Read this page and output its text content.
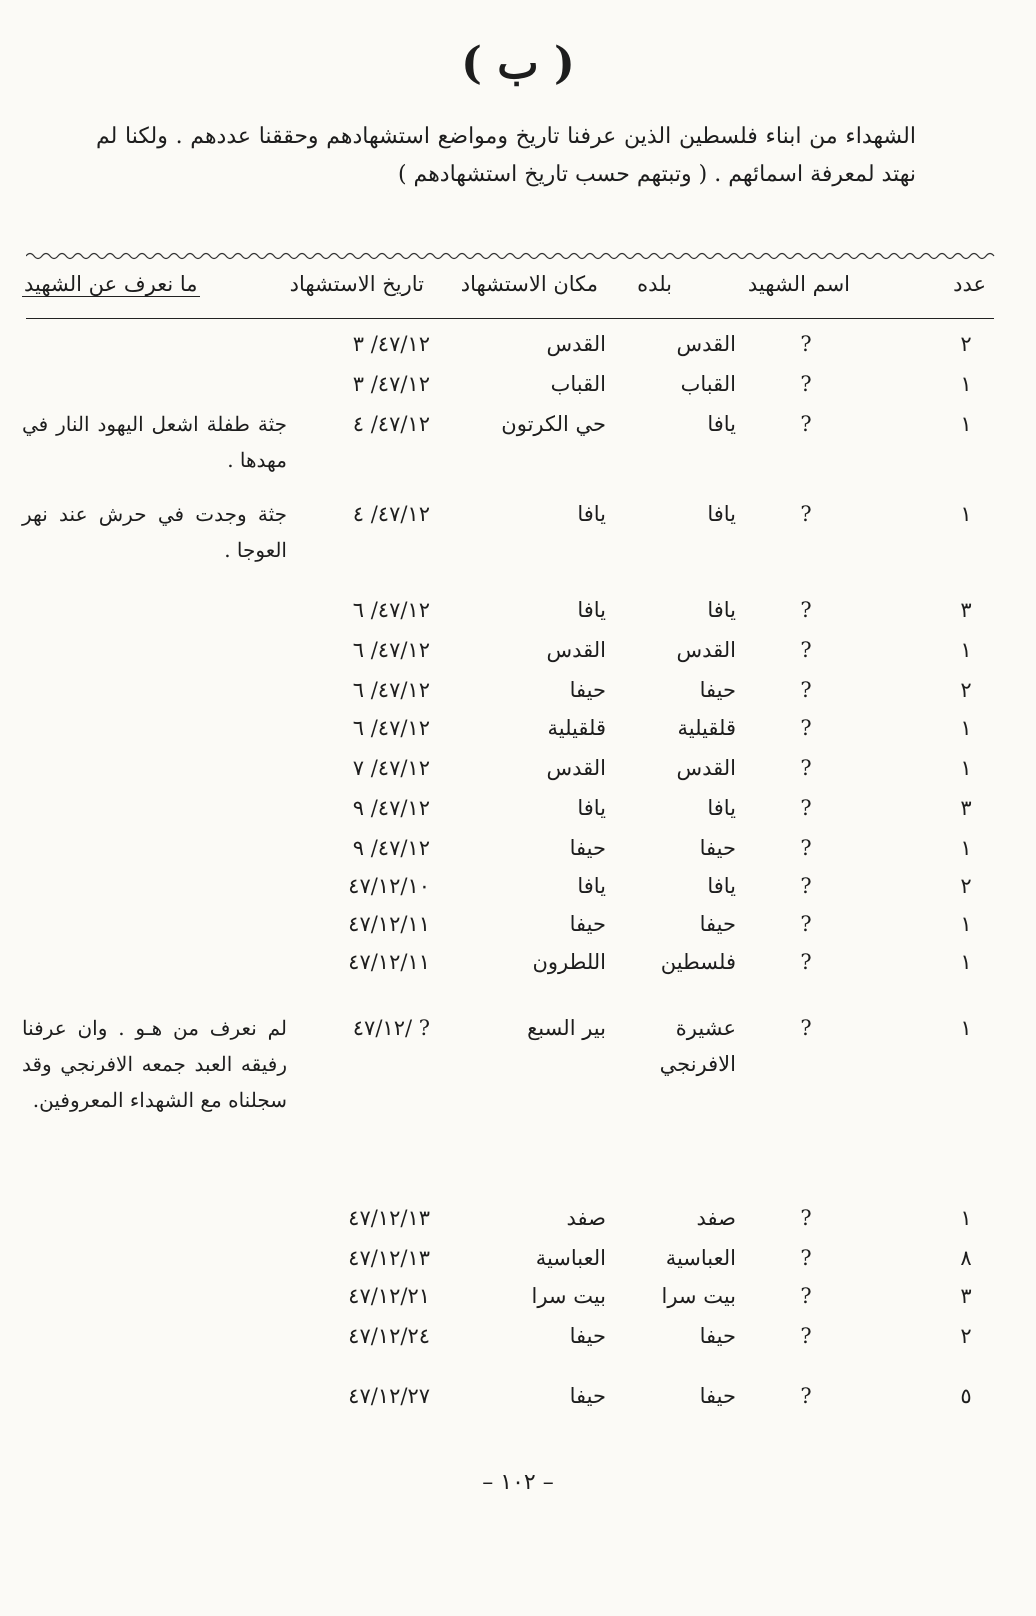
( ب )
الشهداء من ابناء فلسطين الذين عرفنا تاريخ ومواضع استشهادهم وحققنا عددهم . ولكنا لم نهتد لمعرفة اسمائهم . ( وتبتهم حسب تاريخ استشهادهم )
عدد
اسم الشهيد
بلده
مكان الاستشهاد
تاريخ الاستشهاد
ما نعرف عن الشهيد
٢
?
القدس
القدس
٤٧/١٢/ ٣
١
?
القباب
القباب
٤٧/١٢/ ٣
١
?
يافا
حي الكرتون
٤٧/١٢/ ٤
جثة طفلة اشعل اليهود النار في مهدها .
١
?
يافا
يافا
٤٧/١٢/ ٤
جثة وجدت في حرش عند نهر العوجا .
٣
?
يافا
يافا
٤٧/١٢/ ٦
١
?
القدس
القدس
٤٧/١٢/ ٦
٢
?
حيفا
حيفا
٤٧/١٢/ ٦
١
?
قلقيلية
قلقيلية
٤٧/١٢/ ٦
١
?
القدس
القدس
٤٧/١٢/ ٧
٣
?
يافا
يافا
٤٧/١٢/ ٩
١
?
حيفا
حيفا
٤٧/١٢/ ٩
٢
?
يافا
يافا
٤٧/١٢/١٠
١
?
حيفا
حيفا
٤٧/١٢/١١
١
?
فلسطين
اللطرون
٤٧/١٢/١١
١
?
عشيرة الافرنجي
بير السبع
٤٧/١٢/ ?
لم نعرف من هـو . وان عرفنا رفيقه العبد جمعه الافرنجي وقد سجلناه مع الشهداء المعروفين.
١
?
صفد
صفد
٤٧/١٢/١٣
٨
?
العباسية
العباسية
٤٧/١٢/١٣
٣
?
بيت سرا
بيت سرا
٤٧/١٢/٢١
٢
?
حيفا
حيفا
٤٧/١٢/٢٤
٥
?
حيفا
حيفا
٤٧/١٢/٢٧
– ١٠٢ –
